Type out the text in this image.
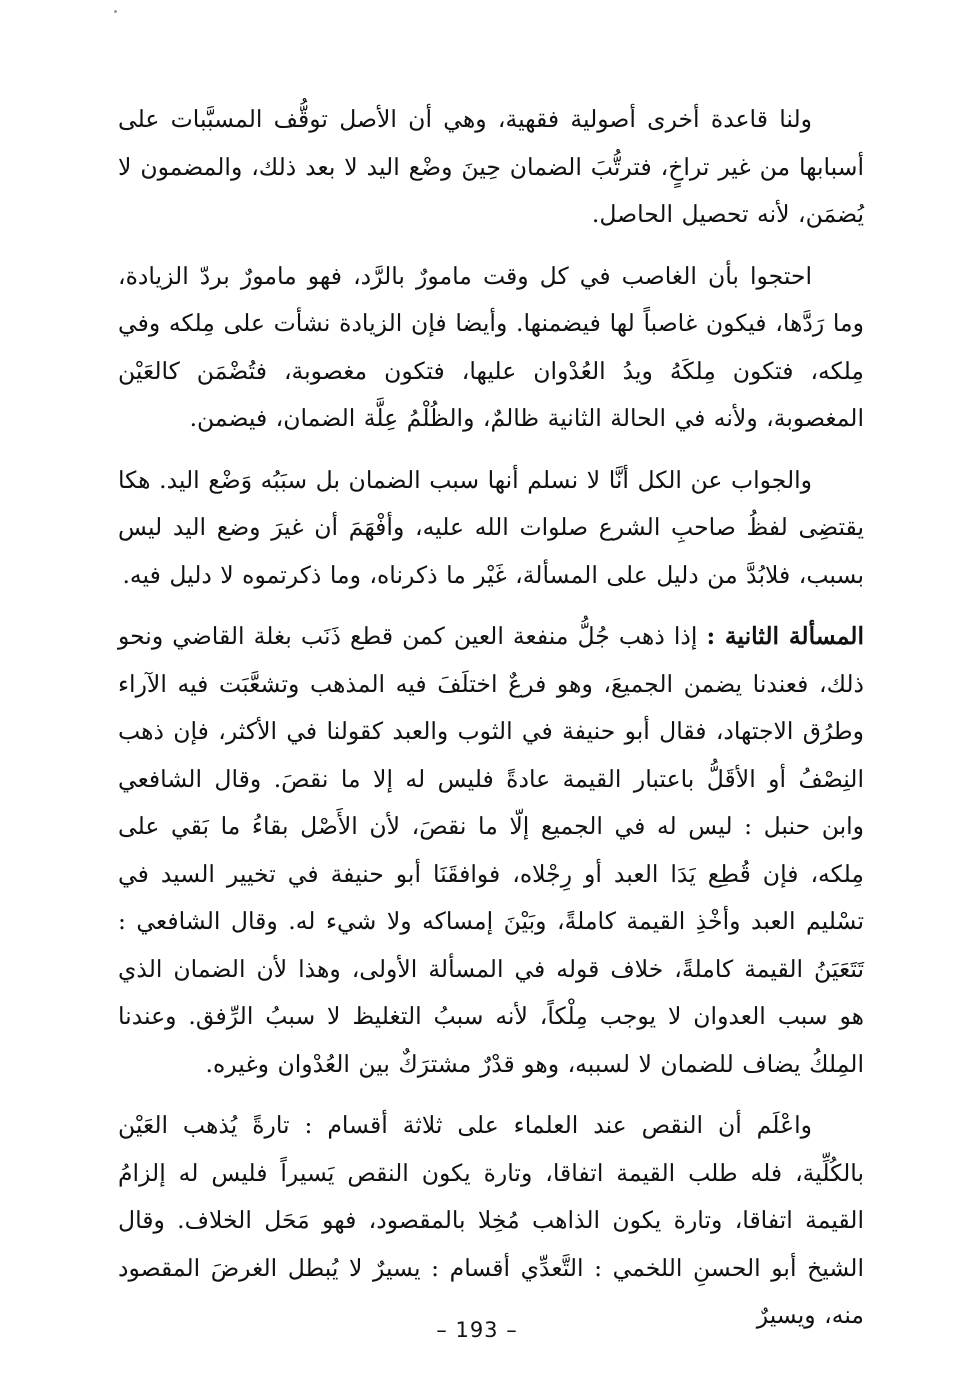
ولنا قاعدة أخرى أصولية فقهية، وهي أن الأصل توقُّف المسبَّبات على أسبابها من غير تراخٍ، فترتُّبَ الضمان حِينَ وضْع اليد لا بعد ذلك، والمضمون لا يُضمَن، لأنه تحصيل الحاصل.

احتجوا بأن الغاصب في كل وقت مامورٌ بالرَّد، فهو مامورٌ بردّ الزيادة، وما رَدَّها، فيكون غاصباً لها فيضمنها. وأيضا فإن الزيادة نشأت على مِلكه وفي مِلكه، فتكون مِلكَهُ ويدُ العُدْوان عليها، فتكون مغصوبة، فتُضْمَن كالعَيْن المغصوبة، ولأنه في الحالة الثانية ظالمٌ، والظُلْمُ عِلَّة الضمان، فيضمن.

والجواب عن الكل أنَّا لا نسلم أنها سبب الضمان بل سبَبُه وَضْع اليد. هكا يقتضِى لفظُ صاحبِ الشرع صلوات الله عليه، وأفْهَمَ أن غيرَ وضع اليد ليس بسبب، فلابُدَّ من دليل على المسألة، غَيْر ما ذكرناه، وما ذكرتموه لا دليل فيه.

المسألة الثانية : إذا ذهب جُلُّ منفعة العين كمن قطع ذَنَب بغلة القاضي ونحو ذلك، فعندنا يضمن الجميعَ، وهو فرعٌ اختلَفَ فيه المذهب وتشعَّبَت فيه الآراء وطرُق الاجتهاد، فقال أبو حنيفة في الثوب والعبد كقولنا في الأكثر، فإن ذهب النِصْفُ أو الأقَلُّ باعتبار القيمة عادةً فليس له إلا ما نقصَ. وقال الشافعي وابن حنبل : ليس له في الجميع إلّا ما نقصَ، لأن الأَصْل بقاءُ ما بَقي على مِلكه، فإن قُطِع يَدَا العبد أو رِجْلاه، فوافقَنَا أبو حنيفة في تخيير السيد في تسْليم العبد وأخْذِ القيمة كاملةً، وبَيْنَ إمساكه ولا شيء له. وقال الشافعي : تَتَعَيَنُ القيمة كاملةً، خلاف قوله في المسألة الأولى، وهذا لأن الضمان الذي هو سبب العدوان لا يوجب مِلْكاً، لأنه سببُ التغليظ لا سببُ الرِّفق. وعندنا المِلكُ يضاف للضمان لا لسببه، وهو قدْرٌ مشترَكٌ بين العُدْوان وغيره.

واعْلَم أن النقص عند العلماء على ثلاثة أقسام : تارةً يُذهب العَيْن بالكُلِّية، فله طلب القيمة اتفاقا، وتارة يكون النقص يَسيراً فليس له إلزامُ القيمة اتفاقا، وتارة يكون الذاهب مُخِلا بالمقصود، فهو مَحَل الخلاف. وقال الشيخ أبو الحسنِ اللخمي : التَّعدِّي أقسام : يسيرٌ لا يُبطل الغرضَ المقصود منه، ويسيرٌ

– 193 –
